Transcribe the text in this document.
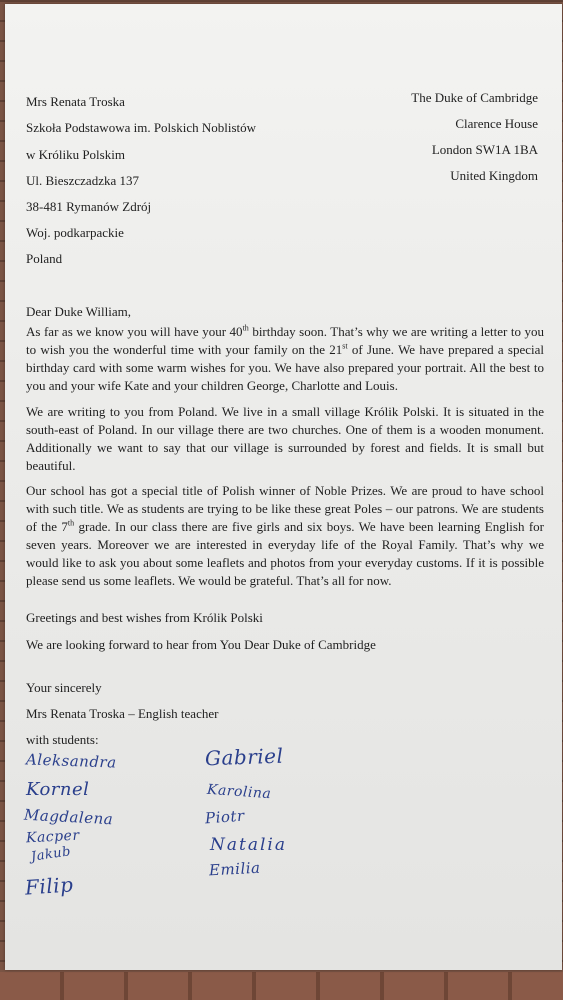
Mrs Renata Troska
Szkoła Podstawowa im. Polskich Noblistów
w Króliku Polskim
Ul. Bieszczadzka 137
38-481 Rymanów Zdrój
Woj. podkarpackie
Poland
The Duke of Cambridge
Clarence House
London SW1A 1BA
United Kingdom
Dear Duke William,
As far as we know you will have your 40th birthday soon. That’s why we are writing a letter to you to wish you the wonderful time with your family on the 21st of June. We have prepared a special birthday card with some warm wishes for you. We have also prepared your portrait. All the best to you and your wife Kate and your children George, Charlotte and Louis.
We are writing to you from Poland. We live in a small village Królik Polski. It is situated in the south-east of Poland. In our village there are two churches. One of them is a wooden monument. Additionally we want to say that our village is surrounded by forest and fields. It is small but beautiful.
Our school has got a special title of Polish winner of Noble Prizes. We are proud to have school with such title. We as students are trying to be like these great Poles – our patrons. We are students of the 7th grade. In our class there are five girls and six boys. We have been learning English for seven years. Moreover we are interested in everyday life of the Royal Family. That’s why we would like to ask you about some leaflets and photos from your everyday customs. If it is possible please send us some leaflets. We would be grateful. That’s all for now.
Greetings and best wishes from Królik Polski
We are looking forward to hear from You Dear Duke of Cambridge
Your sincerely
Mrs Renata Troska – English teacher
with students:
Aleksandra
Kornel
Magdalena
Kacper
Jakub
Filip
Gabriel
Karolina
Piotr
Natalia
Emilia
